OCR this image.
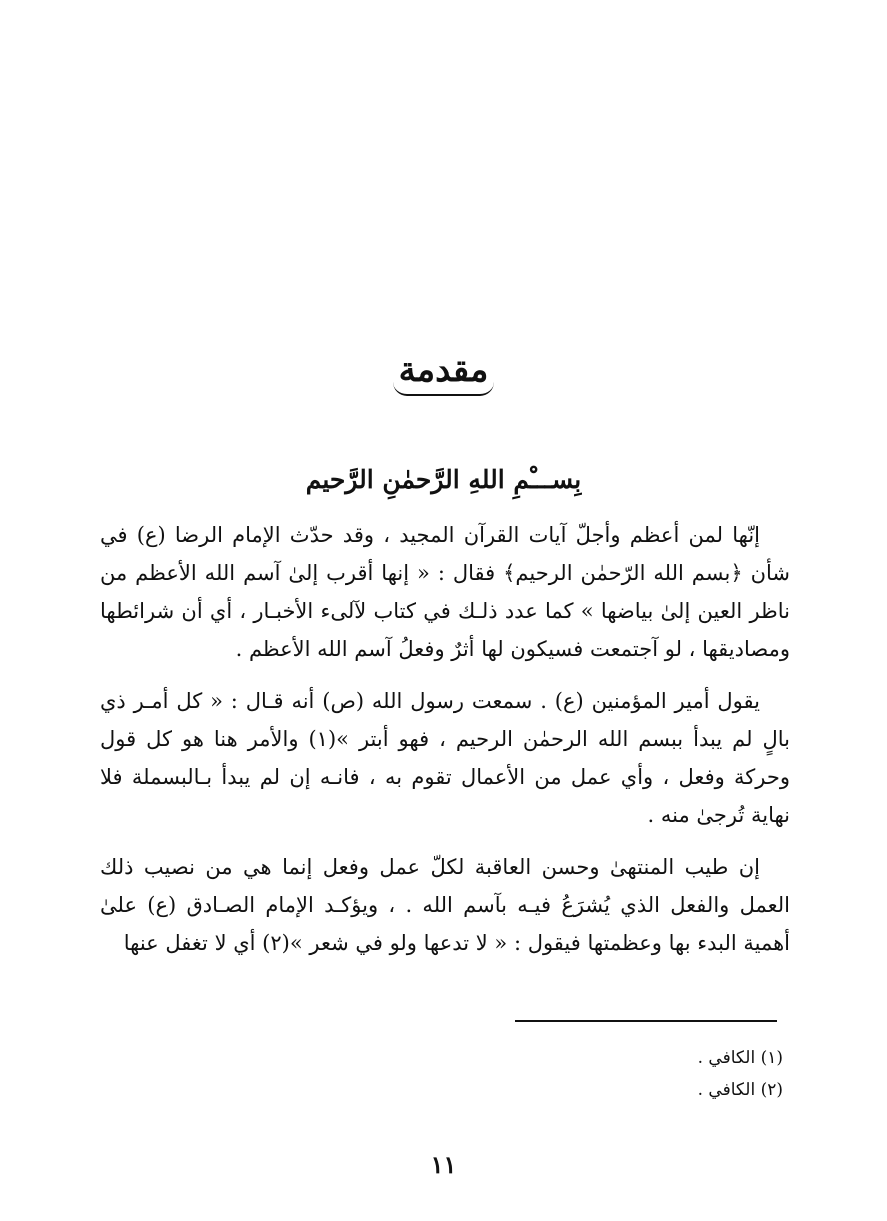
مقدمة
بِســـْمِ اللهِ الرَّحمٰنِ الرَّحيم

إنّها لمن أعظم وأجلّ آيات القرآن المجيد ، وقد حدّث الإمام الرضا (ع) في شأن ﴿بسم الله الرّحمٰن الرحيم﴾ فقال : « إنها أقرب إلىٰ آسم الله الأعظم من ناظر العين إلىٰ بياضها » كما عدد ذلـك في كتاب لآلىء الأخبـار ، أي أن شرائطها ومصاديقها ، لو آجتمعت فسيكون لها أثرٌ وفعلُ آسم الله الأعظم .

يقول أمير المؤمنين (ع) . سمعت رسول الله (ص) أنه قـال : « كل أمـر ذي بالٍ لم يبدأ ببسم الله الرحمٰن الرحيم ، فهو أبتر »(١) والأمر هنا هو كل قول وحركة وفعل ، وأي عمل من الأعمال تقوم به ، فانـه إن لم يبدأ بـالبسملة فلا نهاية تُرجىٰ منه .

إن طيب المنتهىٰ وحسن العاقبة لكلّ عمل وفعل إنما هي من نصيب ذلك العمل والفعل الذي يُشرَعُ فيـه بآسم الله . ، ويؤكـد الإمام الصـادق (ع) علىٰ أهمية البدء بها وعظمتها فيقول : « لا تدعها ولو في شعر »(٢) أي لا تغفل عنها

(١) الكافي .
(٢) الكافي .
١١
